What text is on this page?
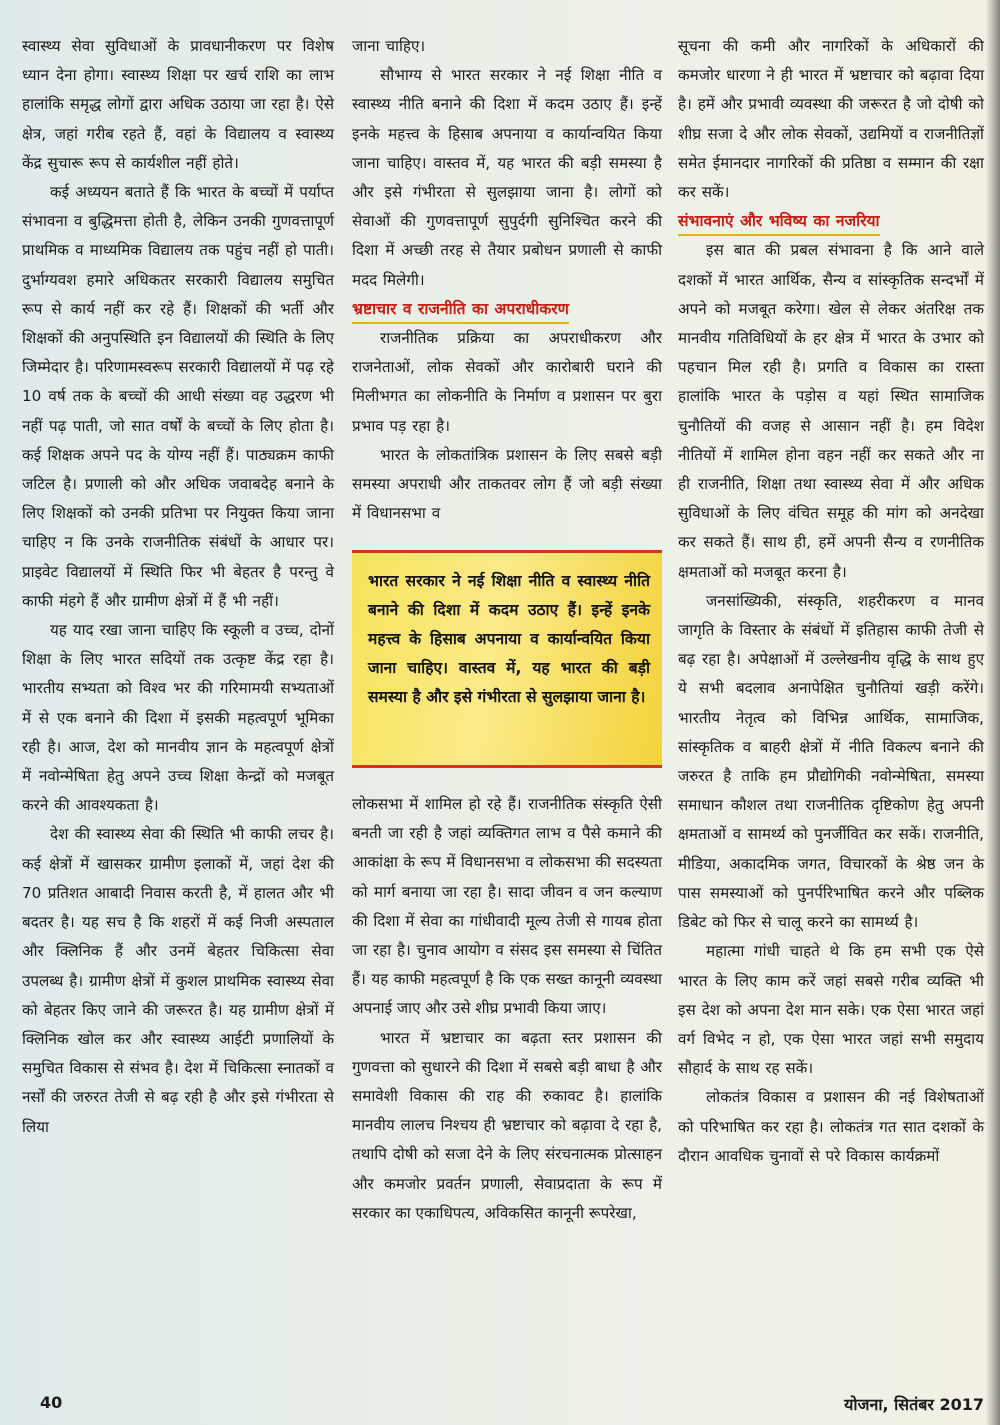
स्वास्थ्य सेवा सुविधाओं के प्रावधानीकरण पर विशेष ध्यान देना होगा। स्वास्थ्य शिक्षा पर खर्च राशि का लाभ हालांकि समृद्ध लोगों द्वारा अधिक उठाया जा रहा है। ऐसे क्षेत्र, जहां गरीब रहते हैं, वहां के विद्यालय व स्वास्थ्य केंद्र सुचारू रूप से कार्यशील नहीं होते।

कई अध्ययन बताते हैं कि भारत के बच्चों में पर्याप्त संभावना व बुद्धिमत्ता होती है, लेकिन उनकी गुणवत्तापूर्ण प्राथमिक व माध्यमिक विद्यालय तक पहुंच नहीं हो पाती। दुर्भाग्यवश हमारे अधिकतर सरकारी विद्यालय समुचित रूप से कार्य नहीं कर रहे हैं। शिक्षकों की भर्ती और शिक्षकों की अनुपस्थिति इन विद्यालयों की स्थिति के लिए जिम्मेदार है। परिणामस्वरूप सरकारी विद्यालयों में पढ़ रहे 10 वर्ष तक के बच्चों की आधी संख्या वह उद्धरण भी नहीं पढ़ पाती, जो सात वर्षों के बच्चों के लिए होता है। कई शिक्षक अपने पद के योग्य नहीं हैं। पाठ्यक्रम काफी जटिल है। प्रणाली को और अधिक जवाबदेह बनाने के लिए शिक्षकों को उनकी प्रतिभा पर नियुक्त किया जाना चाहिए न कि उनके राजनीतिक संबंधों के आधार पर। प्राइवेट विद्यालयों में स्थिति फिर भी बेहतर है परन्तु वे काफी मंहगे हैं और ग्रामीण क्षेत्रों में हैं भी नहीं।

यह याद रखा जाना चाहिए कि स्कूली व उच्च, दोनों शिक्षा के लिए भारत सदियों तक उत्कृष्ट केंद्र रहा है। भारतीय सभ्यता को विश्व भर की गरिमामयी सभ्यताओं में से एक बनाने की दिशा में इसकी महत्वपूर्ण भूमिका रही है। आज, देश को मानवीय ज्ञान के महत्वपूर्ण क्षेत्रों में नवोन्मेषिता हेतु अपने उच्च शिक्षा केन्द्रों को मजबूत करने की आवश्यकता है।

देश की स्वास्थ्य सेवा की स्थिति भी काफी लचर है। कई क्षेत्रों में खासकर ग्रामीण इलाकों में, जहां देश की 70 प्रतिशत आबादी निवास करती है, में हालत और भी बदतर है। यह सच है कि शहरों में कई निजी अस्पताल और क्लिनिक हैं और उनमें बेहतर चिकित्सा सेवा उपलब्ध है। ग्रामीण क्षेत्रों में कुशल प्राथमिक स्वास्थ्य सेवा को बेहतर किए जाने की जरूरत है। यह ग्रामीण क्षेत्रों में क्लिनिक खोल कर और स्वास्थ्य आईटी प्रणालियों के समुचित विकास से संभव है। देश में चिकित्सा स्नातकों व नर्सों की जरुरत तेजी से बढ़ रही है और इसे गंभीरता से लिया

जाना चाहिए।

सौभाग्य से भारत सरकार ने नई शिक्षा नीति व स्वास्थ्य नीति बनाने की दिशा में कदम उठाए हैं। इन्हें इनके महत्त्व के हिसाब अपनाया व कार्यान्वयित किया जाना चाहिए। वास्तव में, यह भारत की बड़ी समस्या है और इसे गंभीरता से सुलझाया जाना है। लोगों को सेवाओं की गुणवत्तापूर्ण सुपुर्दगी सुनिश्चित करने की दिशा में अच्छी तरह से तैयार प्रबोधन प्रणाली से काफी मदद मिलेगी।

भ्रष्टाचार व राजनीति का अपराधीकरण

राजनीतिक प्रक्रिया का अपराधीकरण और राजनेताओं, लोक सेवकों और कारोबारी घराने की मिलीभगत का लोकनीति के निर्माण व प्रशासन पर बुरा प्रभाव पड़ रहा है।

भारत के लोकतांत्रिक प्रशासन के लिए सबसे बड़ी समस्या अपराधी और ताकतवर लोग हैं जो बड़ी संख्या में विधानसभा व

भारत सरकार ने नई शिक्षा नीति व स्वास्थ्य नीति बनाने की दिशा में कदम उठाए हैं। इन्हें इनके महत्त्व के हिसाब अपनाया व कार्यान्वयित किया जाना चाहिए। वास्तव में, यह भारत की बड़ी समस्या है और इसे गंभीरता से सुलझाया जाना है।

लोकसभा में शामिल हो रहे हैं। राजनीतिक संस्कृति ऐसी बनती जा रही है जहां व्यक्तिगत लाभ व पैसे कमाने की आकांक्षा के रूप में विधानसभा व लोकसभा की सदस्यता को मार्ग बनाया जा रहा है। सादा जीवन व जन कल्याण की दिशा में सेवा का गांधीवादी मूल्य तेजी से गायब होता जा रहा है। चुनाव आयोग व संसद इस समस्या से चिंतित हैं। यह काफी महत्वपूर्ण है कि एक सख्त कानूनी व्यवस्था अपनाई जाए और उसे शीघ्र प्रभावी किया जाए।

भारत में भ्रष्टाचार का बढ़ता स्तर प्रशासन की गुणवत्ता को सुधारने की दिशा में सबसे बड़ी बाधा है और समावेशी विकास की राह की रुकावट है। हालांकि मानवीय लालच निश्चय ही भ्रष्टाचार को बढ़ावा दे रहा है, तथापि दोषी को सजा देने के लिए संरचनात्मक प्रोत्साहन और कमजोर प्रवर्तन प्रणाली, सेवाप्रदाता के रूप में सरकार का एकाधिपत्य, अविकसित कानूनी रूपरेखा,

सूचना की कमी और नागरिकों के अधिकारों की कमजोर धारणा ने ही भारत में भ्रष्टाचार को बढ़ावा दिया है। हमें और प्रभावी व्यवस्था की जरूरत है जो दोषी को शीघ्र सजा दे और लोक सेवकों, उद्यमियों व राजनीतिज्ञों समेत ईमानदार नागरिकों की प्रतिष्ठा व सम्मान की रक्षा कर सकें।

संभावनाएं और भविष्य का नजरिया

इस बात की प्रबल संभावना है कि आने वाले दशकों में भारत आर्थिक, सैन्य व सांस्कृतिक सन्दर्भों में अपने को मजबूत करेगा। खेल से लेकर अंतरिक्ष तक मानवीय गतिविधियों के हर क्षेत्र में भारत के उभार को पहचान मिल रही है। प्रगति व विकास का रास्ता हालांकि भारत के पड़ोस व यहां स्थित सामाजिक चुनौतियों की वजह से आसान नहीं है। हम विदेश नीतियों में शामिल होना वहन नहीं कर सकते और ना ही राजनीति, शिक्षा तथा स्वास्थ्य सेवा में और अधिक सुविधाओं के लिए वंचित समूह की मांग को अनदेखा कर सकते हैं। साथ ही, हमें अपनी सैन्य व रणनीतिक क्षमताओं को मजबूत करना है।

जनसांख्यिकी, संस्कृति, शहरीकरण व मानव जागृति के विस्तार के संबंधों में इतिहास काफी तेजी से बढ़ रहा है। अपेक्षाओं में उल्लेखनीय वृद्धि के साथ हुए ये सभी बदलाव अनापेक्षित चुनौतियां खड़ी करेंगे। भारतीय नेतृत्व को विभिन्न आर्थिक, सामाजिक, सांस्कृतिक व बाहरी क्षेत्रों में नीति विकल्प बनाने की जरुरत है ताकि हम प्रौद्योगिकी नवोन्मेषिता, समस्या समाधान कौशल तथा राजनीतिक दृष्टिकोण हेतु अपनी क्षमताओं व सामर्थ्य को पुनर्जीवित कर सकें। राजनीति, मीडिया, अकादमिक जगत, विचारकों के श्रेष्ठ जन के पास समस्याओं को पुनर्परिभाषित करने और पब्लिक डिबेट को फिर से चालू करने का सामर्थ्य है।

महात्मा गांधी चाहते थे कि हम सभी एक ऐसे भारत के लिए काम करें जहां सबसे गरीब व्यक्ति भी इस देश को अपना देश मान सके। एक ऐसा भारत जहां वर्ग विभेद न हो, एक ऐसा भारत जहां सभी समुदाय सौहार्द के साथ रह सकें।

लोकतंत्र विकास व प्रशासन की नई विशेषताओं को परिभाषित कर रहा है। लोकतंत्र गत सात दशकों के दौरान आवधिक चुनावों से परे विकास कार्यक्रमों

40	योजना, सितंबर 2017
